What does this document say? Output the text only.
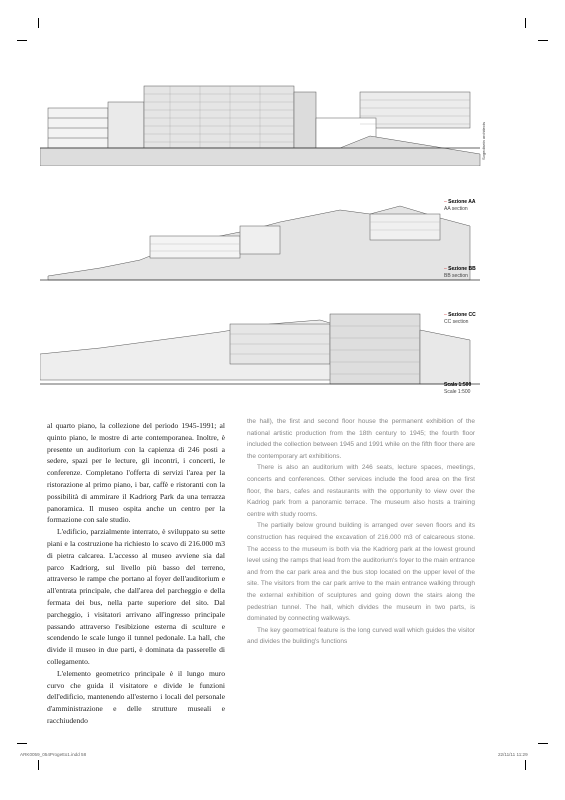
Sogedisein architects
– Sezione AA
AA section
– Sezione BB
BB section
– Sezione CC
CC section
Scala 1:500
Scale 1:500

al quarto piano, la collezione del periodo 1945-1991; al quinto piano, le mostre di arte contemporanea. Inoltre, è presente un auditorium con la capienza di 246 posti a sedere, spazi per le lecture, gli incontri, i concerti, le conferenze. Completano l'offerta di servizi l'area per la ristorazione al primo piano, i bar, caffè e ristoranti con la possibilità di ammirare il Kadriorg Park da una terrazza panoramica. Il museo ospita anche un centro per la formazione con sale studio.

L'edificio, parzialmente interrato, è sviluppato su sette piani e la costruzione ha richiesto lo scavo di 216.000 m3 di pietra calcarea. L'accesso al museo avviene sia dal parco Kadriorg, sul livello più basso del terreno, attraverso le rampe che portano al foyer dell'auditorium e all'entrata principale, che dall'area del parcheggio e della fermata dei bus, nella parte superiore del sito. Dal parcheggio, i visitatori arrivano all'ingresso principale passando attraverso l'esibizione esterna di sculture e scendendo le scale lungo il tunnel pedonale. La hall, che divide il museo in due parti, è dominata da passerelle di collegamento.

L'elemento geometrico principale è il lungo muro curvo che guida il visitatore e divide le funzioni dell'edificio, mantenendo all'esterno i locali del personale d'amministrazione e delle strutture museali e racchiudendo

the hall), the first and second floor house the permanent exhibition of the national artistic production from the 18th century to 1945; the fourth floor included the collection between 1945 and 1991 while on the fifth floor there are the contemporary art exhibitions.

There is also an auditorium with 246 seats, lecture spaces, meetings, concerts and conferences. Other services include the food area on the first floor, the bars, cafes and restaurants with the opportunity to view over the Kadriog park from a panoramic terrace. The museum also hosts a training centre with study rooms.

The partially below ground building is arranged over seven floors and its construction has required the excavation of 216.000 m3 of calcareous stone. The access to the museum is both via the Kadriorg park at the lowest ground level using the ramps that lead from the auditorium's foyer to the main entrance and from the car park area and the bus stop located on the upper level of the site. The visitors from the car park arrive to the main entrance walking through the external exhibition of sculptures and going down the stairs along the pedestrian tunnel. The hall, which divides the museum in two parts, is dominated by connecting walkways.

The key geometrical feature is the long curved wall which guides the visitor and divides the building's functions

ARK0059_054Progetto1.indd 58	22/11/11 11:29
